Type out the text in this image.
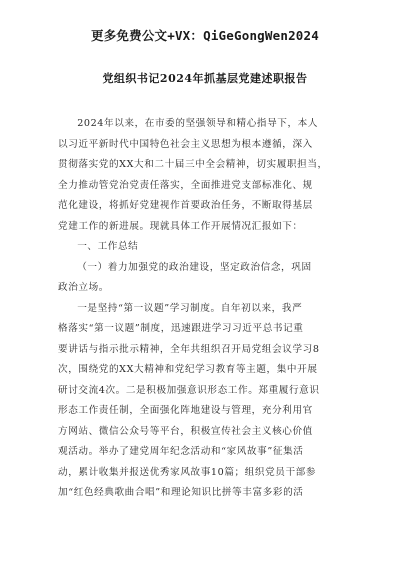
更多免费公文+VX：QiGeGongWen2024
党组织书记2024年抓基层党建述职报告
2024年以来，在市委的坚强领导和精心指导下，本人
以习近平新时代中国特色社会主义思想为根本遵循，深入
贯彻落实党的XX大和二十届三中全会精神，切实履职担当，
全力推动管党治党责任落实，全面推进党支部标准化、规
范化建设，将抓好党建视作首要政治任务，不断取得基层
党建工作的新进展。现就具体工作开展情况汇报如下：
一、工作总结
（一）着力加强党的政治建设，坚定政治信念，巩固
政治立场。
一是坚持“第一议题”学习制度。自年初以来，我严
格落实“第一议题”制度，迅速跟进学习习近平总书记重
要讲话与指示批示精神，全年共组织召开局党组会议学习8
次，围绕党的XX大精神和党纪学习教育等主题，集中开展
研讨交流4次。二是积极加强意识形态工作。郑重履行意识
形态工作责任制，全面强化阵地建设与管理，充分利用官
方网站、微信公众号等平台，积极宣传社会主义核心价值
观活动。举办了建党周年纪念活动和“家风故事”征集活
动，累计收集并报送优秀家风故事10篇；组织党员干部参
加“红色经典歌曲合唱”和理论知识比拼等丰富多彩的活
